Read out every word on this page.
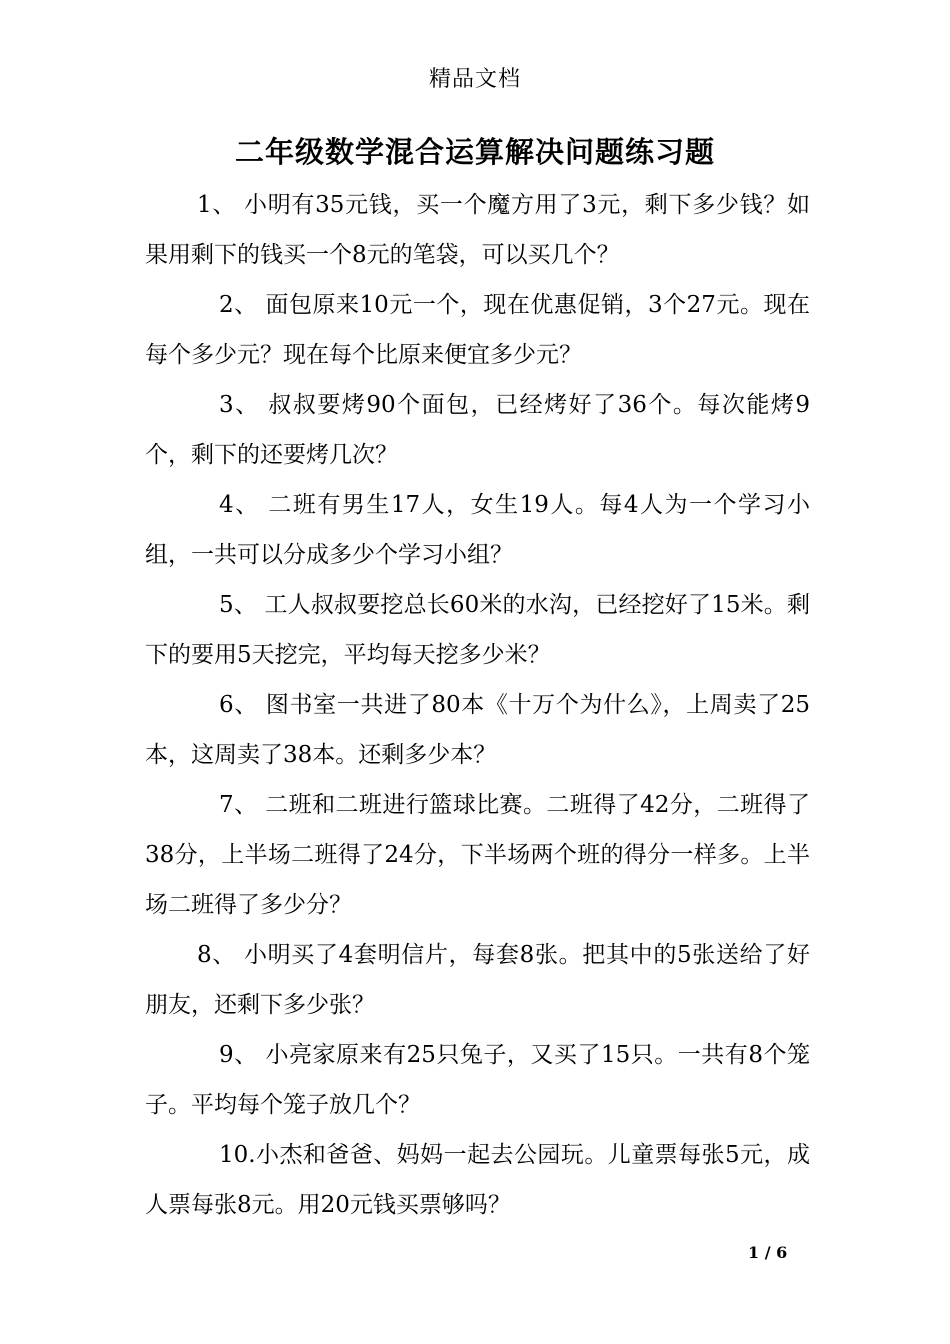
精品文档
二年级数学混合运算解决问题练习题

1、 小明有35元钱，买一个魔方用了3元，剩下多少钱？如果用剩下的钱买一个8元的笔袋，可以买几个？

2、 面包原来10元一个，现在优惠促销，3个27元。现在每个多少元？现在每个比原来便宜多少元？

3、 叔叔要烤90个面包，已经烤好了36个。每次能烤9个，剩下的还要烤几次？

4、 二班有男生17人，女生19人。每4人为一个学习小组，一共可以分成多少个学习小组？

5、 工人叔叔要挖总长60米的水沟，已经挖好了15米。剩下的要用5天挖完，平均每天挖多少米？

6、 图书室一共进了80本《十万个为什么》，上周卖了25本，这周卖了38本。还剩多少本？

7、 二班和二班进行篮球比赛。二班得了42分，二班得了38分，上半场二班得了24分，下半场两个班的得分一样多。上半场二班得了多少分？

8、 小明买了4套明信片，每套8张。把其中的5张送给了好朋友，还剩下多少张？

9、 小亮家原来有25只兔子，又买了15只。一共有8个笼子。平均每个笼子放几个？

10.小杰和爸爸、妈妈一起去公园玩。儿童票每张5元，成人票每张8元。用20元钱买票够吗？

1 / 6
